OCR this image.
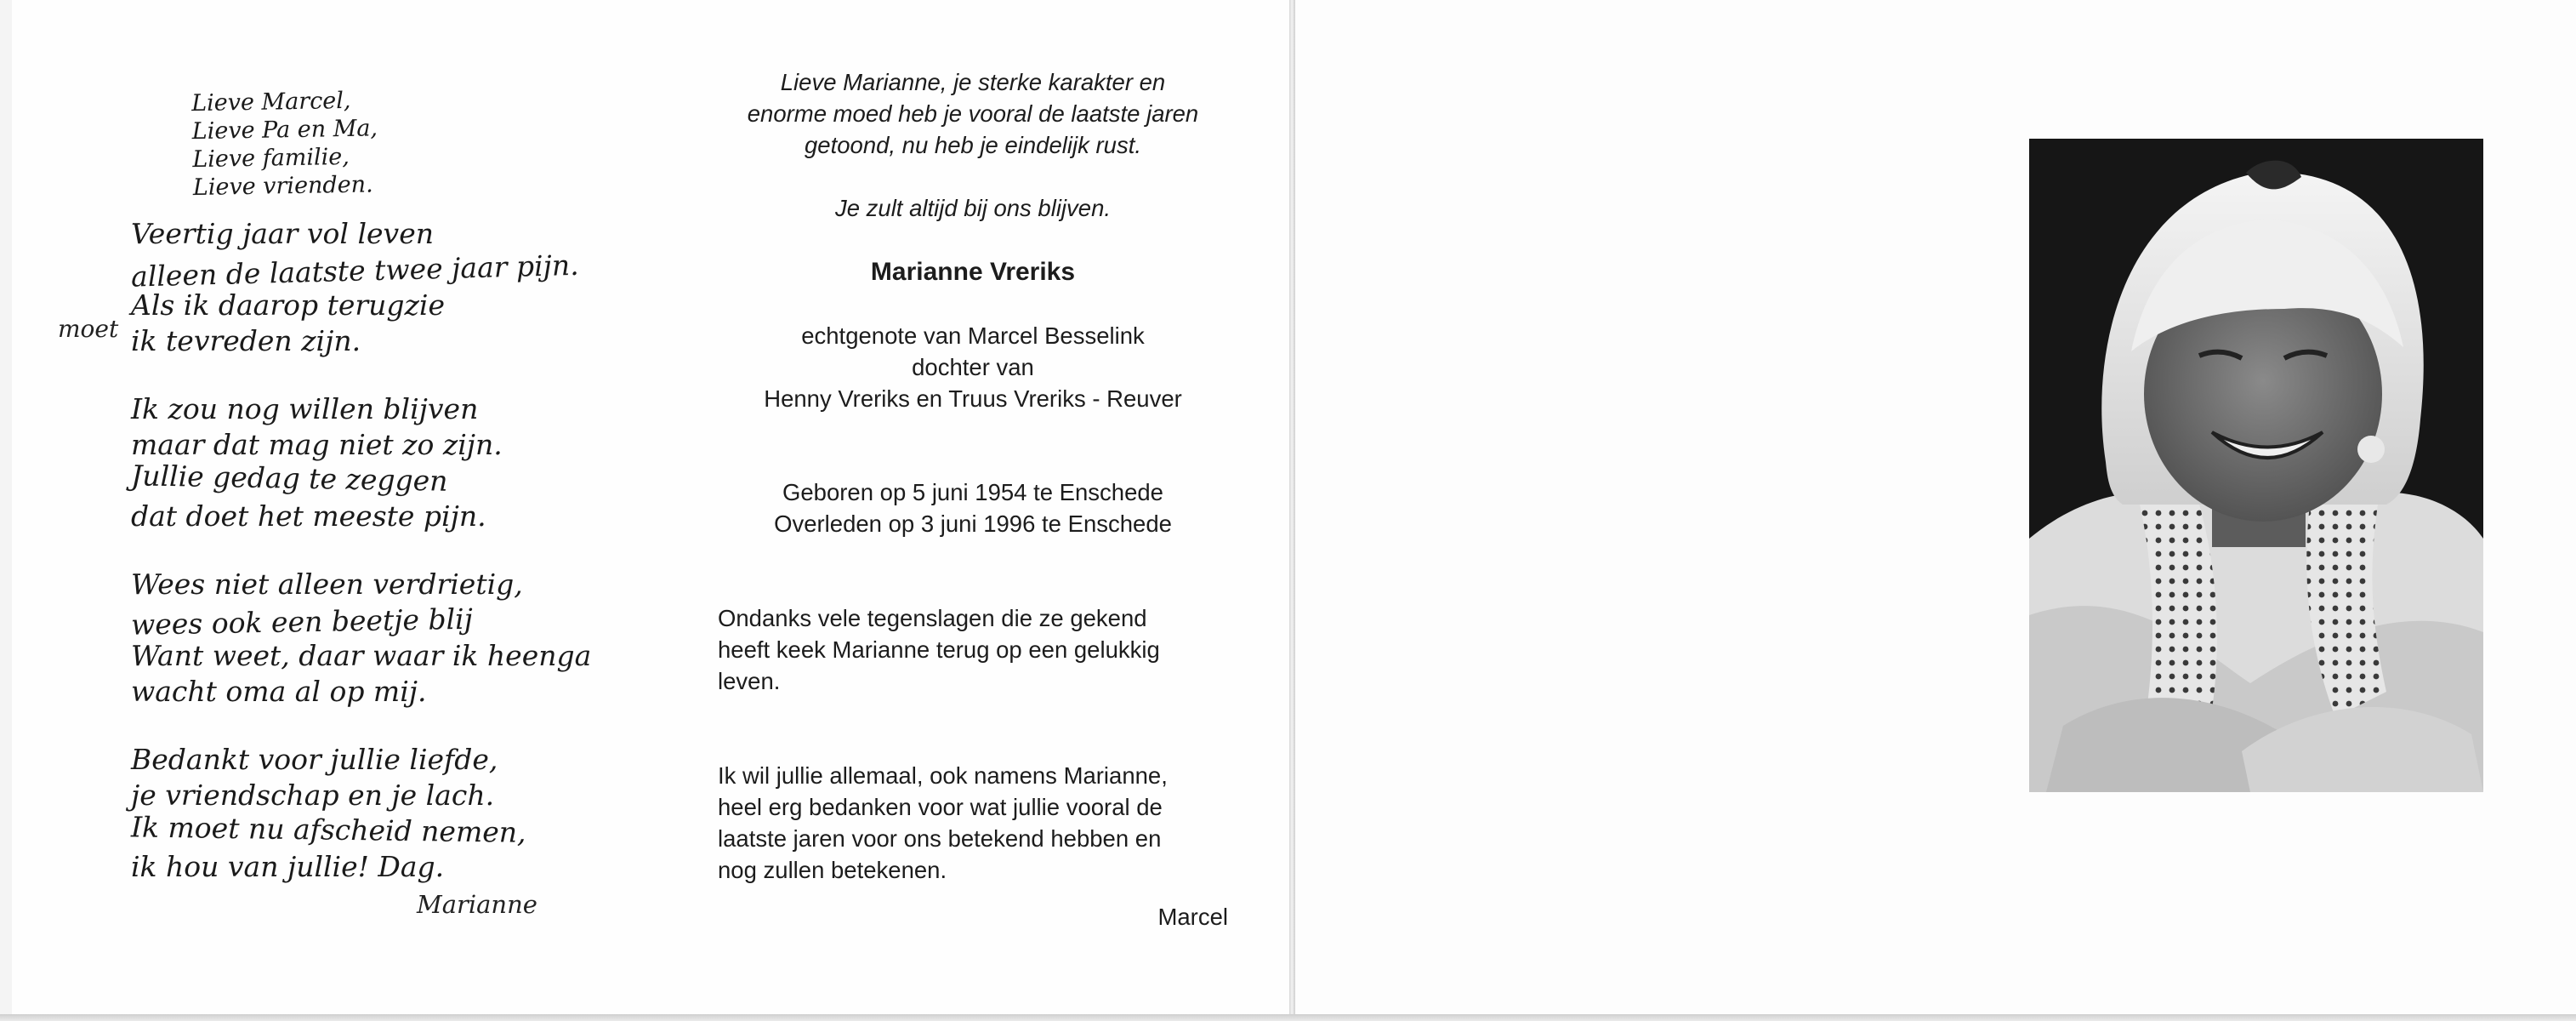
moet
Lieve Marcel,
Lieve Pa en Ma,
Lieve familie,
Lieve vrienden.
Veertig jaar vol leven
alleen de laatste twee jaar pijn.
Als ik daarop terugzie
ik tevreden zijn.
Ik zou nog willen blijven
maar dat mag niet zo zijn.
Jullie gedag te zeggen
dat doet het meeste pijn.
Wees niet alleen verdrietig,
wees ook een beetje blij
Want weet, daar waar ik heenga
wacht oma al op mij.
Bedankt voor jullie liefde,
je vriendschap en je lach.
Ik moet nu afscheid nemen,
ik hou van jullie! Dag.
Marianne
Lieve Marianne, je sterke karakter en
enorme moed heb je vooral de laatste jaren
getoond, nu heb je eindelijk rust.
Je zult altijd bij ons blijven.
Marianne Vreriks
echtgenote van Marcel Besselink
dochter van
Henny Vreriks en Truus Vreriks - Reuver
Geboren op 5 juni 1954 te Enschede
Overleden op 3 juni 1996 te Enschede
Ondanks vele tegenslagen die ze gekend
heeft keek Marianne terug op een gelukkig
leven.
Ik wil jullie allemaal, ook namens Marianne,
heel erg bedanken voor wat jullie vooral de
laatste jaren voor ons betekend hebben en
nog zullen betekenen.
Marcel
